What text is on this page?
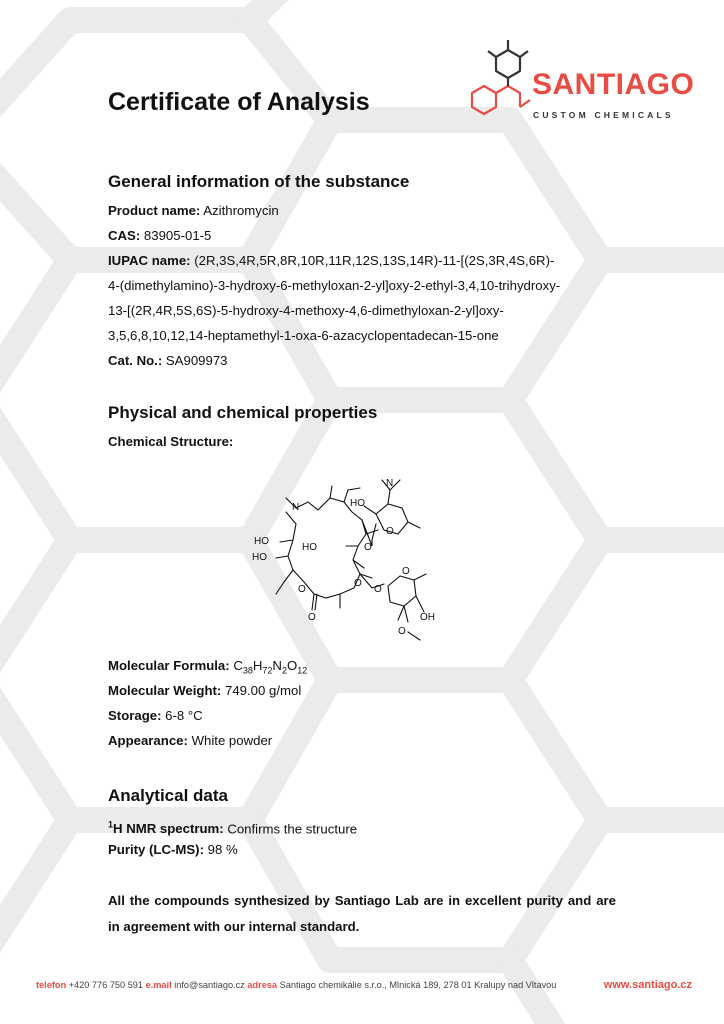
Certificate of Analysis
SANTIAGO
CUSTOM CHEMICALS
General information of the substance

Product name: Azithromycin

CAS: 83905-01-5

IUPAC name: (2R,3S,4R,5R,8R,10R,11R,12S,13S,14R)-11-[(2S,3R,4S,6R)-

4-(dimethylamino)-3-hydroxy-6-methyloxan-2-yl]oxy-2-ethyl-3,4,10-trihydroxy-

13-[(2R,4R,5S,6S)-5-hydroxy-4-methoxy-4,6-dimethyloxan-2-yl]oxy-

3,5,6,8,10,12,14-heptamethyl-1-oxa-6-azacyclopentadecan-15-one

Cat. No.: SA909973

Physical and chemical properties

Chemical Structure:

N	HO
O
O
N
HO
HO
HO
O
O
O
O
O
OH
O

Molecular Formula: $C_{38}H_{72}N_2O_{12}$

Molecular Weight: 749.00 g/mol

Storage: 6-8 °C

Appearance: White powder

Analytical data

$^1$H NMR spectrum: Confirms the structure

Purity (LC-MS): 98 %

All the compounds synthesized by Santiago Lab are in excellent purity and are in agreement with our internal standard.

telefon +420 776 750 591 e.mail info@santiago.cz adresa Santiago chemikálie s.r.o., Mlnická 189, 278 01 Kralupy nad Vltavou	www.santiago.cz
